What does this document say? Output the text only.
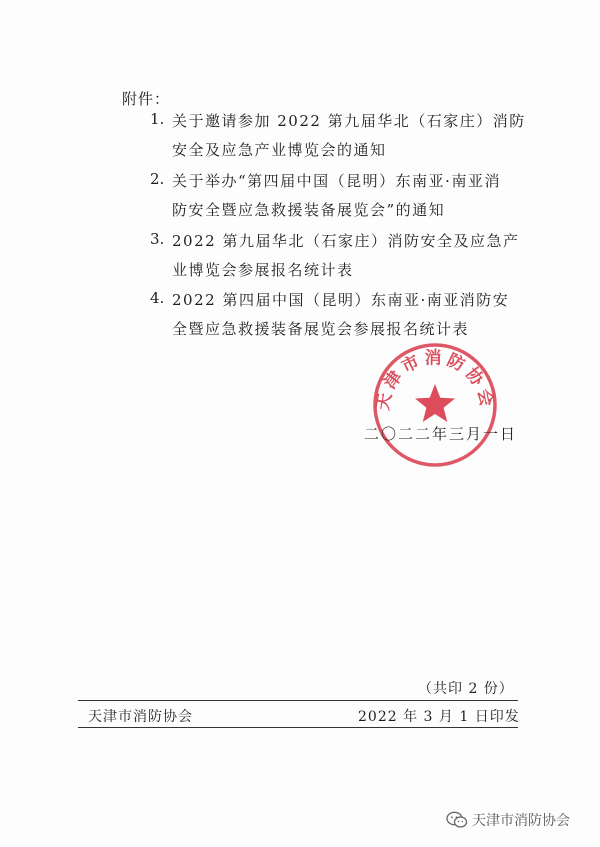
附件：
1. 关于邀请参加 2022 第九届华北（石家庄）消防
安全及应急产业博览会的通知
2. 关于举办“第四届中国（昆明）东南亚·南亚消
防安全暨应急救援装备展览会”的通知
3. 2022 第九届华北（石家庄）消防安全及应急产
业博览会参展报名统计表
4. 2022 第四届中国（昆明）东南亚·南亚消防安
全暨应急救援装备展览会参展报名统计表
天津市消防协会
二〇二二年三月一日
（共印 2 份）
天津市消防协会	2022 年 3 月 1 日印发
天津市消防协会
